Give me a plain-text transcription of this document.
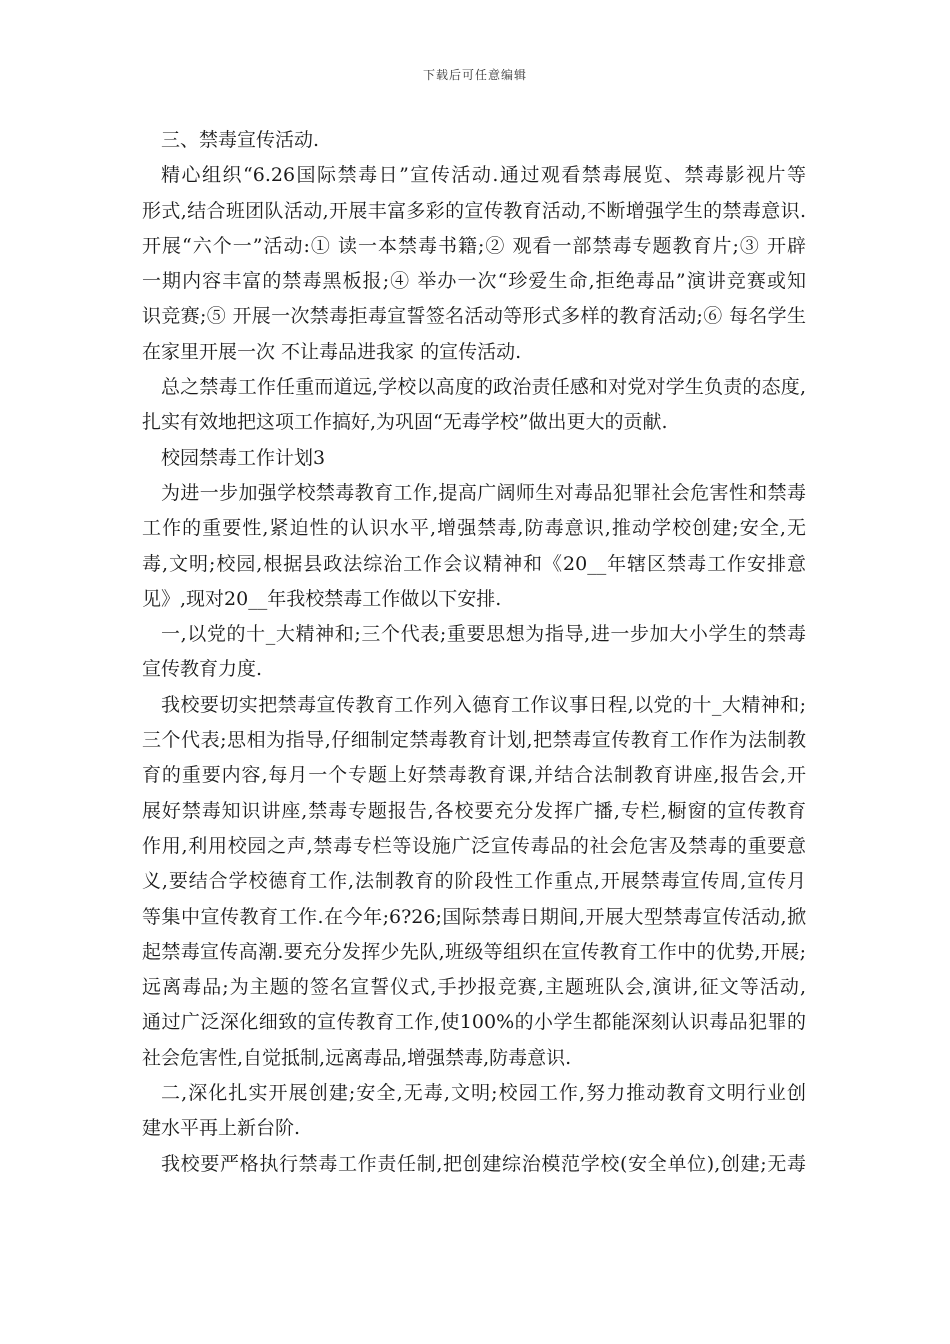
下载后可任意编辑
三、禁毒宣传活动.
精心组织“6.26国际禁毒日”宣传活动.通过观看禁毒展览、禁毒影视片等
形式,结合班团队活动,开展丰富多彩的宣传教育活动,不断增强学生的禁毒意识.
开展“六个一”活动:① 读一本禁毒书籍;② 观看一部禁毒专题教育片;③ 开辟
一期内容丰富的禁毒黑板报;④ 举办一次“珍爱生命,拒绝毒品”演讲竞赛或知
识竞赛;⑤ 开展一次禁毒拒毒宣誓签名活动等形式多样的教育活动;⑥ 每名学生
在家里开展一次 不让毒品进我家 的宣传活动.
总之禁毒工作任重而道远,学校以高度的政治责任感和对党对学生负责的态度,
扎实有效地把这项工作搞好,为巩固“无毒学校”做出更大的贡献.
校园禁毒工作计划3
为进一步加强学校禁毒教育工作,提高广阔师生对毒品犯罪社会危害性和禁毒
工作的重要性,紧迫性的认识水平,增强禁毒,防毒意识,推动学校创建;安全,无
毒,文明;校园,根据县政法综治工作会议精神和《20__年辖区禁毒工作安排意
见》,现对20__年我校禁毒工作做以下安排.
一,以党的十_大精神和;三个代表;重要思想为指导,进一步加大小学生的禁毒
宣传教育力度.
我校要切实把禁毒宣传教育工作列入德育工作议事日程,以党的十_大精神和;
三个代表;思相为指导,仔细制定禁毒教育计划,把禁毒宣传教育工作作为法制教
育的重要内容,每月一个专题上好禁毒教育课,并结合法制教育讲座,报告会,开
展好禁毒知识讲座,禁毒专题报告,各校要充分发挥广播,专栏,橱窗的宣传教育
作用,利用校园之声,禁毒专栏等设施广泛宣传毒品的社会危害及禁毒的重要意
义,要结合学校德育工作,法制教育的阶段性工作重点,开展禁毒宣传周,宣传月
等集中宣传教育工作.在今年;6?26;国际禁毒日期间,开展大型禁毒宣传活动,掀
起禁毒宣传高潮.要充分发挥少先队,班级等组织在宣传教育工作中的优势,开展;
远离毒品;为主题的签名宣誓仪式,手抄报竞赛,主题班队会,演讲,征文等活动,
通过广泛深化细致的宣传教育工作,使100%的小学生都能深刻认识毒品犯罪的
社会危害性,自觉抵制,远离毒品,增强禁毒,防毒意识.
二,深化扎实开展创建;安全,无毒,文明;校园工作,努力推动教育文明行业创
建水平再上新台阶.
我校要严格执行禁毒工作责任制,把创建综治模范学校(安全单位),创建;无毒
